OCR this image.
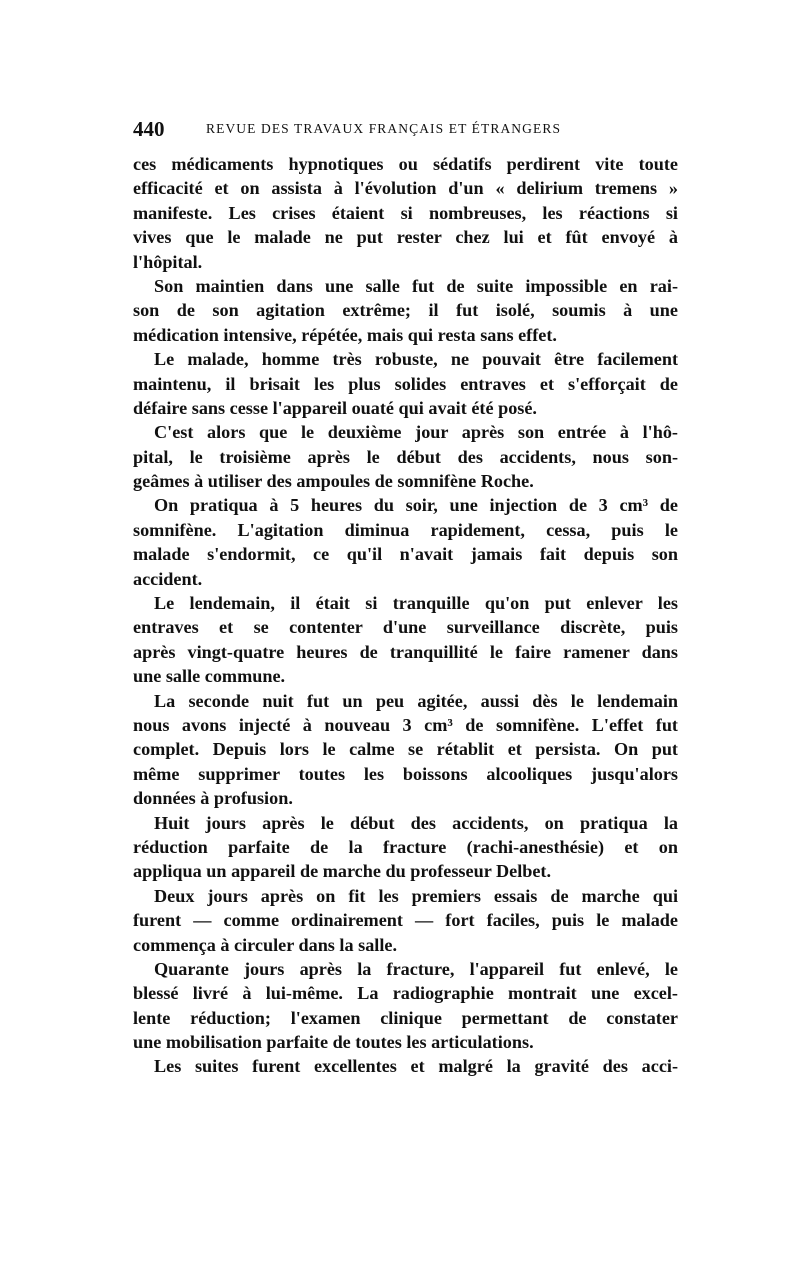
440	REVUE DES TRAVAUX FRANÇAIS ET ÉTRANGERS
ces médicaments hypnotiques ou sédatifs perdirent vite toute
efficacité et on assista à l'évolution d'un « delirium tremens »
manifeste. Les crises étaient si nombreuses, les réactions si
vives que le malade ne put rester chez lui et fût envoyé à
l'hôpital.
Son maintien dans une salle fut de suite impossible en rai-
son de son agitation extrême; il fut isolé, soumis à une
médication intensive, répétée, mais qui resta sans effet.
Le malade, homme très robuste, ne pouvait être facilement
maintenu, il brisait les plus solides entraves et s'efforçait de
défaire sans cesse l'appareil ouaté qui avait été posé.
C'est alors que le deuxième jour après son entrée à l'hô-
pital, le troisième après le début des accidents, nous son-
geâmes à utiliser des ampoules de somnifène Roche.
On pratiqua à 5 heures du soir, une injection de 3 cm³ de
somnifène. L'agitation diminua rapidement, cessa, puis le
malade s'endormit, ce qu'il n'avait jamais fait depuis son
accident.
Le lendemain, il était si tranquille qu'on put enlever les
entraves et se contenter d'une surveillance discrète, puis
après vingt-quatre heures de tranquillité le faire ramener dans
une salle commune.
La seconde nuit fut un peu agitée, aussi dès le lendemain
nous avons injecté à nouveau 3 cm³ de somnifène. L'effet fut
complet. Depuis lors le calme se rétablit et persista. On put
même supprimer toutes les boissons alcooliques jusqu'alors
données à profusion.
Huit jours après le début des accidents, on pratiqua la
réduction parfaite de la fracture (rachi-anesthésie) et on
appliqua un appareil de marche du professeur Delbet.
Deux jours après on fit les premiers essais de marche qui
furent — comme ordinairement — fort faciles, puis le malade
commença à circuler dans la salle.
Quarante jours après la fracture, l'appareil fut enlevé, le
blessé livré à lui-même. La radiographie montrait une excel-
lente réduction; l'examen clinique permettant de constater
une mobilisation parfaite de toutes les articulations.
Les suites furent excellentes et malgré la gravité des acci-
